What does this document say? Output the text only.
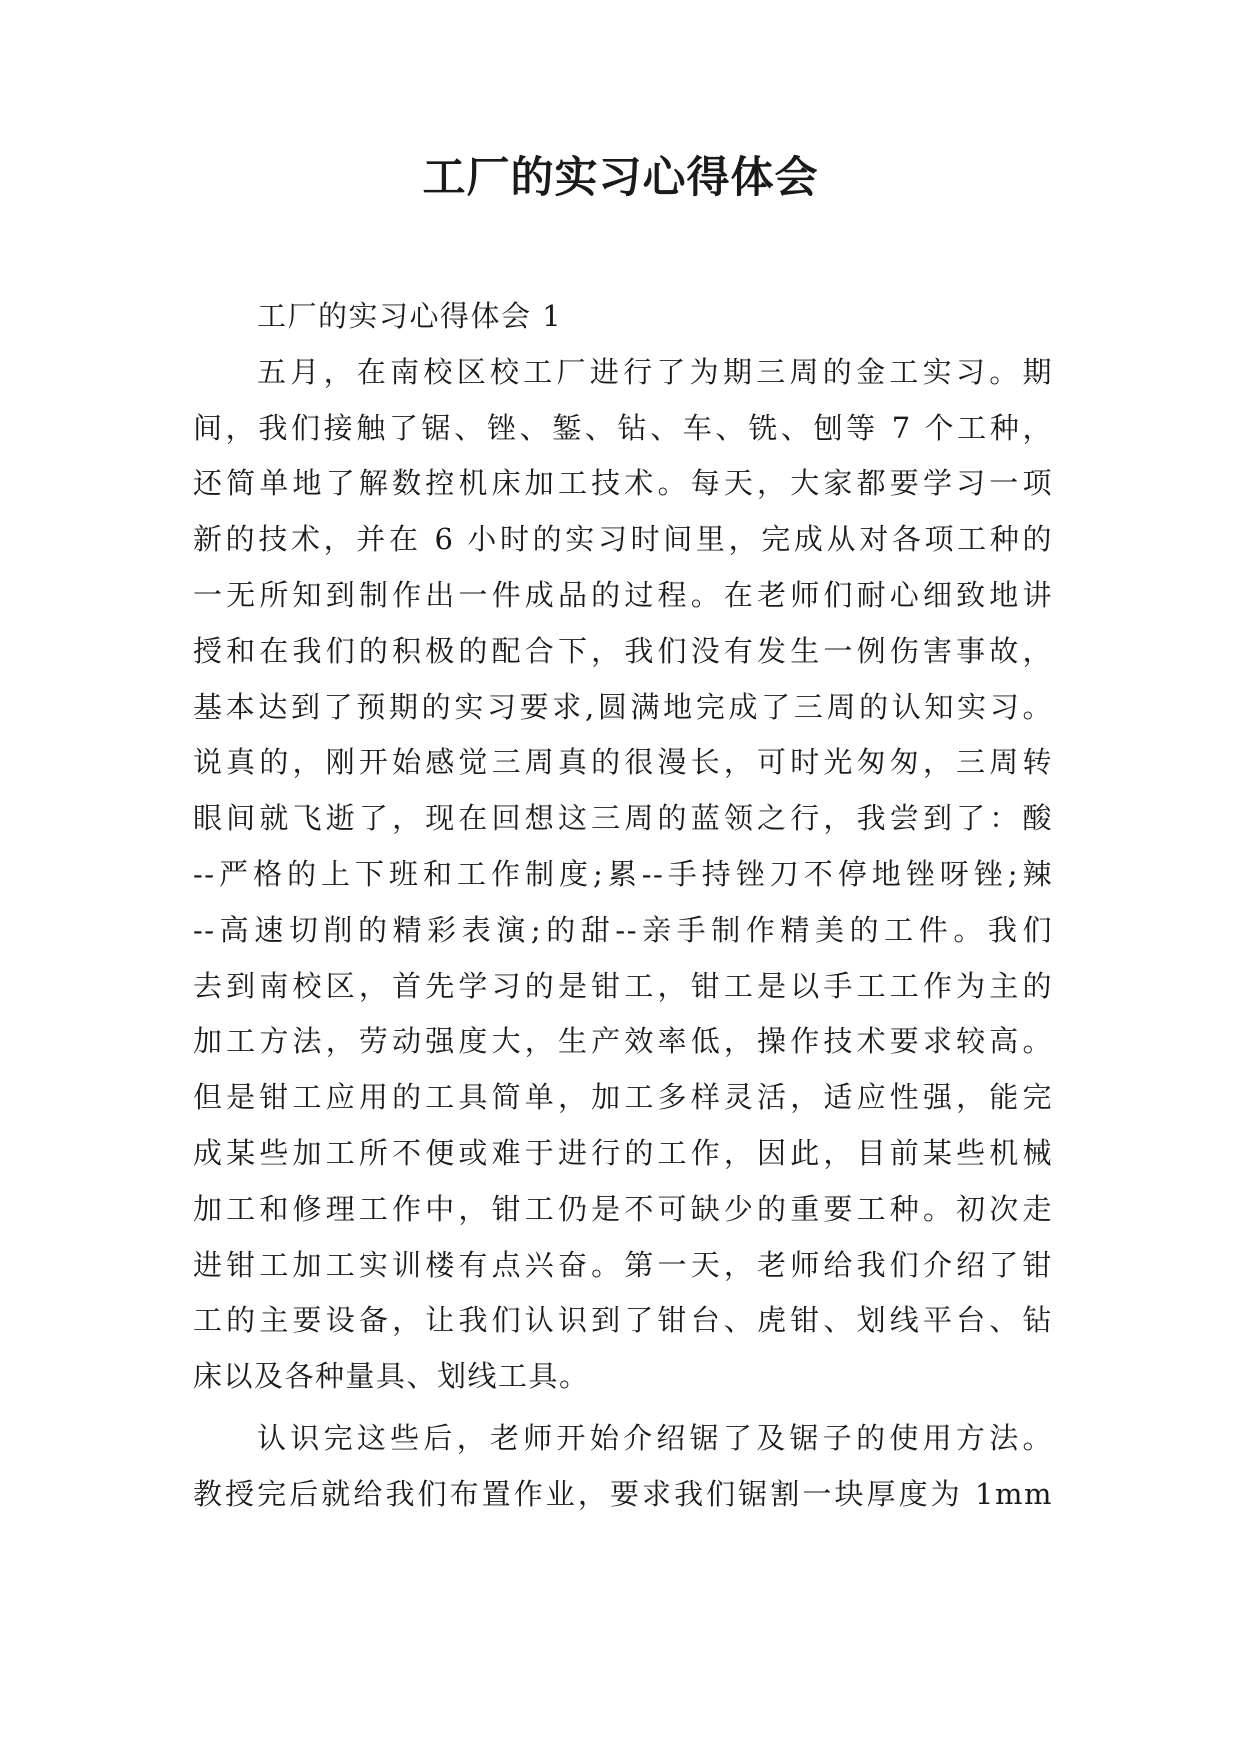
工厂的实习心得体会
工厂的实习心得体会 1
五月，在南校区校工厂进行了为期三周的金工实习。期
间，我们接触了锯、锉、錾、钻、车、铣、刨等 7 个工种，
还简单地了解数控机床加工技术。每天，大家都要学习一项
新的技术，并在 6 小时的实习时间里，完成从对各项工种的
一无所知到制作出一件成品的过程。在老师们耐心细致地讲
授和在我们的积极的配合下，我们没有发生一例伤害事故，
基本达到了预期的实习要求,圆满地完成了三周的认知实习。
说真的，刚开始感觉三周真的很漫长，可时光匆匆，三周转
眼间就飞逝了，现在回想这三周的蓝领之行，我尝到了：酸
--严格的上下班和工作制度;累--手持锉刀不停地锉呀锉;辣
--高速切削的精彩表演;的甜--亲手制作精美的工件。我们
去到南校区，首先学习的是钳工，钳工是以手工工作为主的
加工方法，劳动强度大，生产效率低，操作技术要求较高。
但是钳工应用的工具简单，加工多样灵活，适应性强，能完
成某些加工所不便或难于进行的工作，因此，目前某些机械
加工和修理工作中，钳工仍是不可缺少的重要工种。初次走
进钳工加工实训楼有点兴奋。第一天，老师给我们介绍了钳
工的主要设备，让我们认识到了钳台、虎钳、划线平台、钻
床以及各种量具、划线工具。
认识完这些后，老师开始介绍锯了及锯子的使用方法。
教授完后就给我们布置作业，要求我们锯割一块厚度为 1mm
